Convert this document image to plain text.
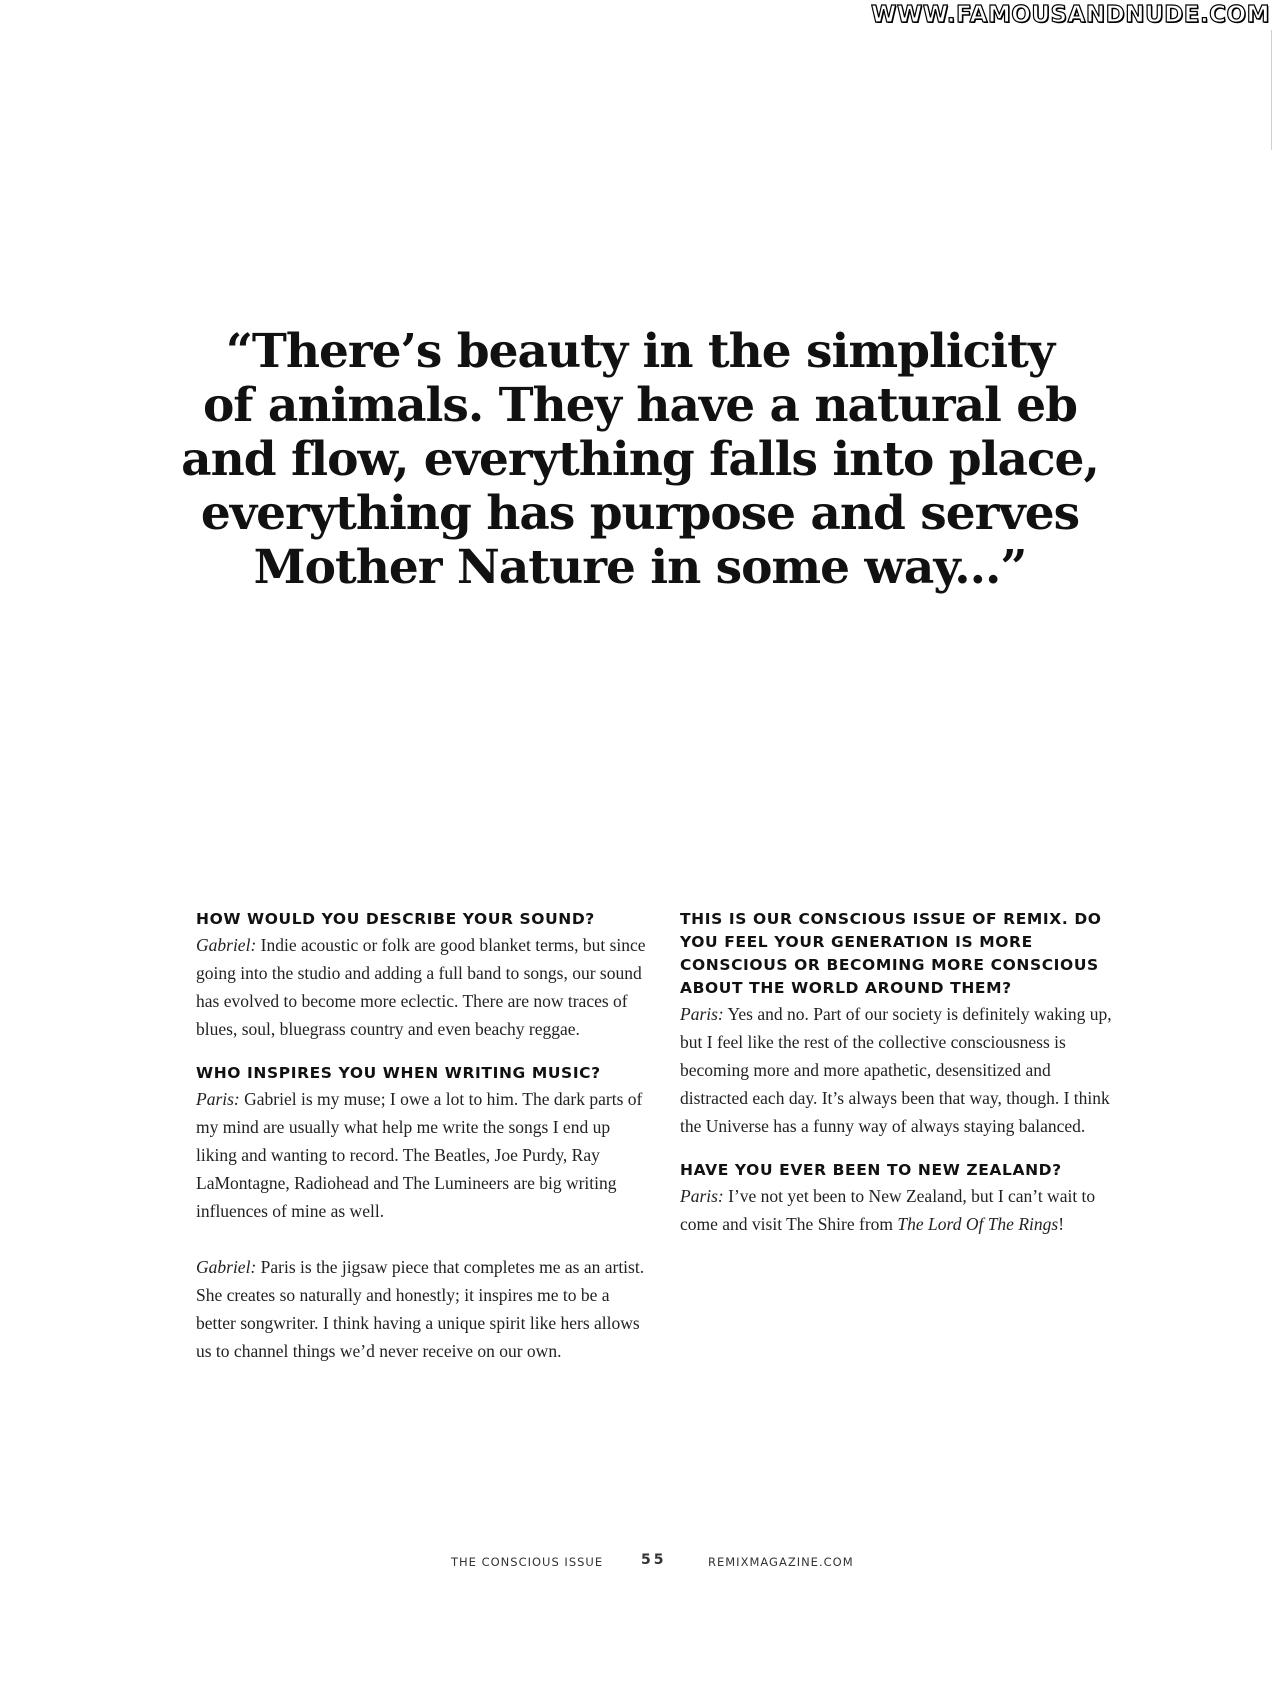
WWW.FAMOUSANDNUDE.COM
“There’s beauty in the simplicity
of animals. They have a natural eb
and flow, everything falls into place,
everything has purpose and serves
Mother Nature in some way...”
HOW WOULD YOU DESCRIBE YOUR SOUND?

Gabriel: Indie acoustic or folk are good blanket terms, but since going into the studio and adding a full band to songs, our sound has evolved to become more eclectic. There are now traces of blues, soul, bluegrass country and even beachy reggae.

WHO INSPIRES YOU WHEN WRITING MUSIC?

Paris: Gabriel is my muse; I owe a lot to him. The dark parts of my mind are usually what help me write the songs I end up liking and wanting to record. The Beatles, Joe Purdy, Ray LaMontagne, Radiohead and The Lumineers are big writing influences of mine as well.

Gabriel: Paris is the jigsaw piece that completes me as an artist. She creates so naturally and honestly; it inspires me to be a better songwriter. I think having a unique spirit like hers allows us to channel things we’d never receive on our own.

THIS IS OUR CONSCIOUS ISSUE OF REMIX. DO YOU FEEL YOUR GENERATION IS MORE CONSCIOUS OR BECOMING MORE CONSCIOUS ABOUT THE WORLD AROUND THEM?

Paris: Yes and no. Part of our society is definitely waking up, but I feel like the rest of the collective consciousness is becoming more and more apathetic, desensitized and distracted each day. It’s always been that way, though. I think the Universe has a funny way of always staying balanced.

HAVE YOU EVER BEEN TO NEW ZEALAND?

Paris: I’ve not yet been to New Zealand, but I can’t wait to come and visit The Shire from The Lord Of The Rings!

THE CONSCIOUS ISSUE	55	REMIXMAGAZINE.COM
